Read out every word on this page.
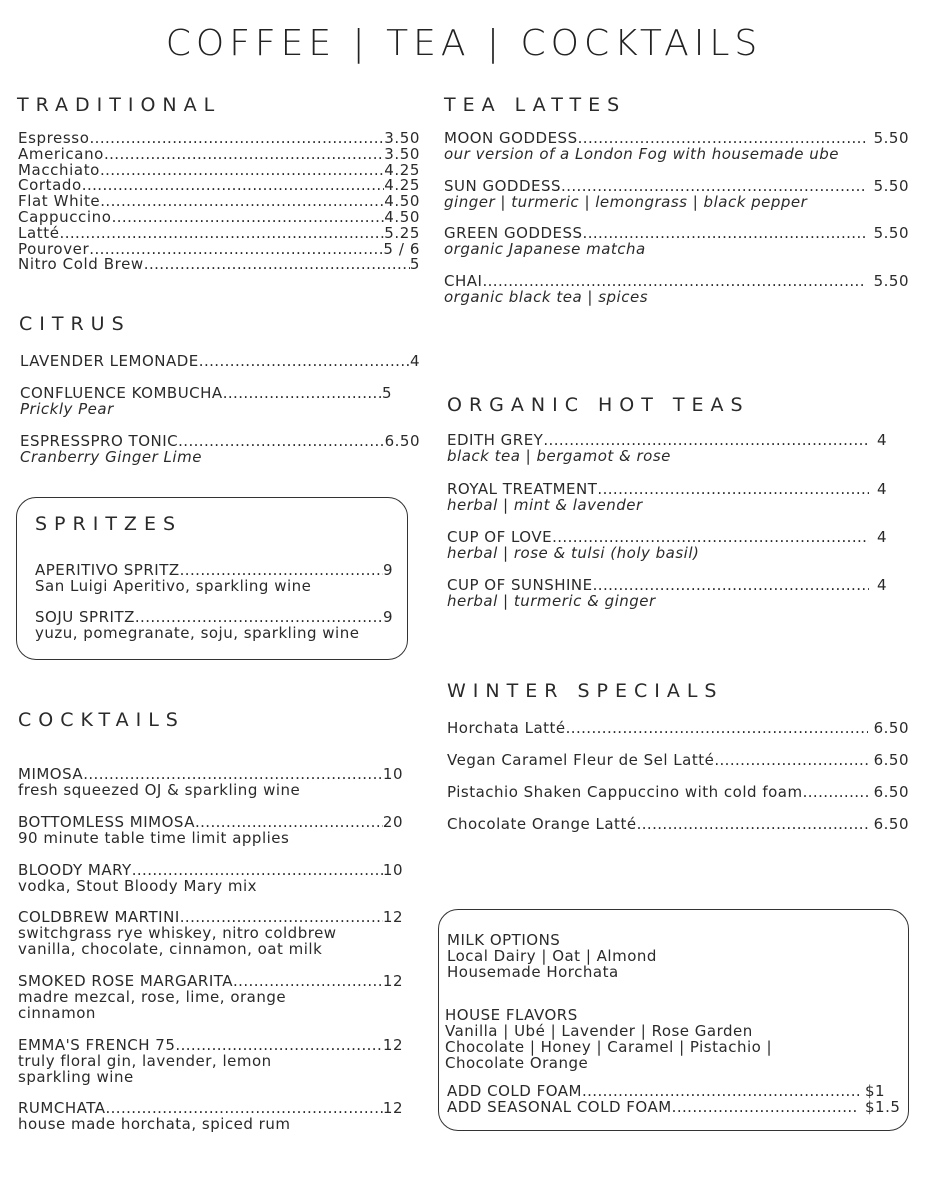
COFFEE | TEA | COCKTAILS
TRADITIONAL
Espresso .....	3.50
Americano .....	3.50
Macchiato .....	4.25
Cortado .....	4.25
Flat White .....	4.50
Cappuccino .....	4.50
Latté .....	5.25
Pourover .....	5 / 6
Nitro Cold Brew .....	5
CITRUS
LAVENDER LEMONADE .....	4
CONFLUENCE KOMBUCHA .....	5
Prickly Pear
ESPRESSPRO TONIC .....	6.50
Cranberry Ginger Lime
SPRITZES
APERITIVO SPRITZ .....	9
San Luigi Aperitivo, sparkling wine
SOJU SPRITZ .....	9
yuzu, pomegranate, soju, sparkling wine
COCKTAILS
MIMOSA .....	10
fresh squeezed OJ & sparkling wine
BOTTOMLESS MIMOSA .....	20
90 minute table time limit applies
BLOODY MARY .....	10
vodka, Stout Bloody Mary mix
COLDBREW MARTINI .....	12
switchgrass rye whiskey, nitro coldbrew
vanilla, chocolate, cinnamon, oat milk
SMOKED ROSE MARGARITA .....	12
madre mezcal, rose, lime, orange
cinnamon
EMMA'S FRENCH 75 .....	12
truly floral gin, lavender, lemon
sparkling wine
RUMCHATA .....	12
house made horchata, spiced rum
TEA LATTES
MOON GODDESS .....	5.50
our version of a London Fog with housemade ube
SUN GODDESS .....	5.50
ginger | turmeric | lemongrass | black pepper
GREEN GODDESS .....	5.50
organic Japanese matcha
CHAI .....	5.50
organic black tea | spices
ORGANIC HOT TEAS
EDITH GREY .....	4
black tea | bergamot & rose
ROYAL TREATMENT .....	4
herbal | mint & lavender
CUP OF LOVE .....	4
herbal | rose & tulsi (holy basil)
CUP OF SUNSHINE .....	4
herbal | turmeric & ginger
WINTER SPECIALS
Horchata Latté .....	6.50
Vegan Caramel Fleur de Sel Latté .....	6.50
Pistachio Shaken Cappuccino with cold foam .....	6.50
Chocolate Orange Latté .....	6.50
MILK OPTIONS
Local Dairy | Oat | Almond
Housemade Horchata
HOUSE FLAVORS
Vanilla | Ubé | Lavender | Rose Garden
Chocolate | Honey | Caramel | Pistachio |
Chocolate Orange
ADD COLD FOAM .....	$1
ADD SEASONAL COLD FOAM .....	$1.5
